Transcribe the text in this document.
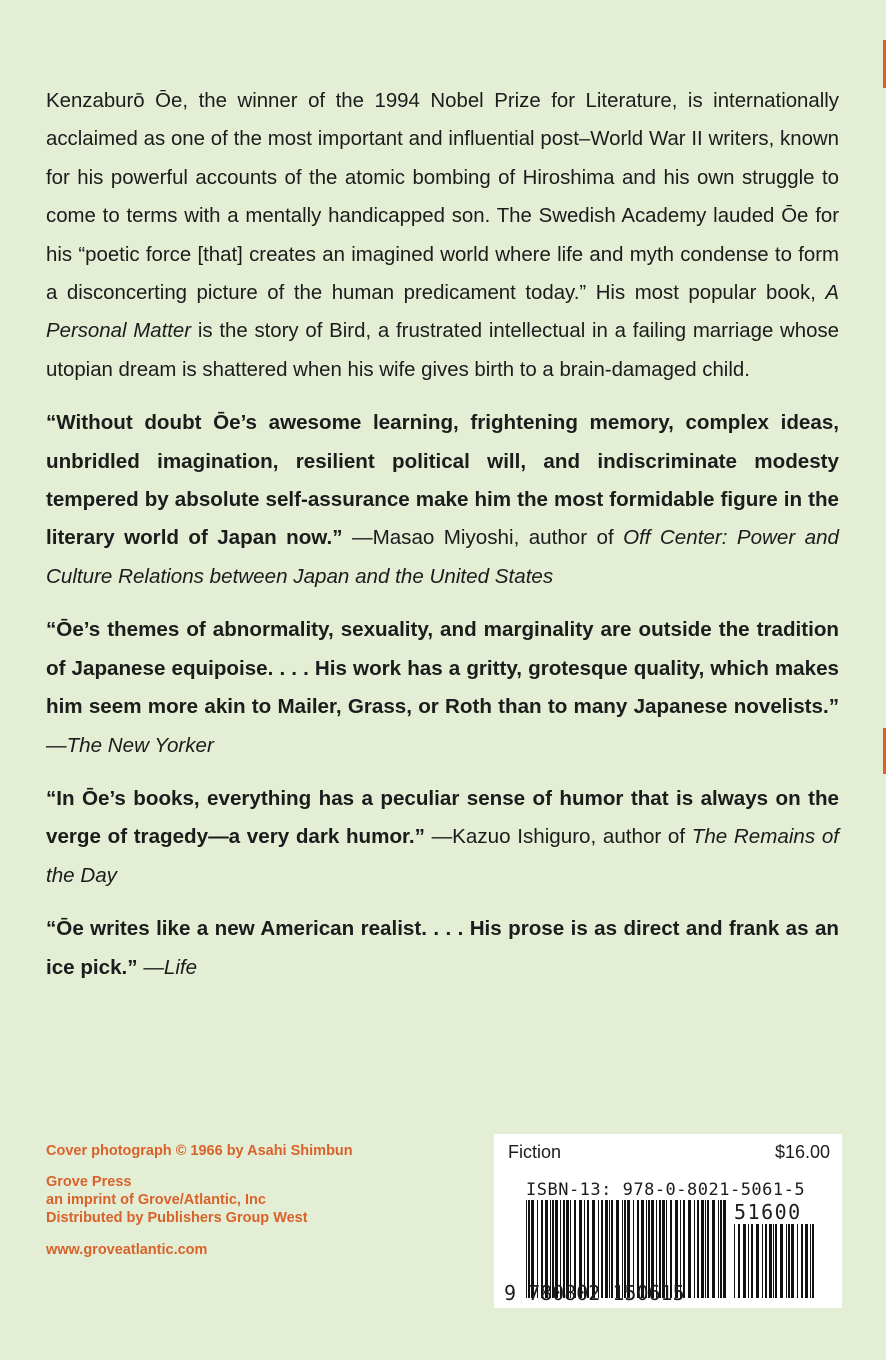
Kenzaburō Ōe, the winner of the 1994 Nobel Prize for Literature, is internationally acclaimed as one of the most important and influential post–World War II writers, known for his powerful accounts of the atomic bombing of Hiroshima and his own struggle to come to terms with a mentally handicapped son. The Swedish Academy lauded Ōe for his “poetic force [that] creates an imagined world where life and myth condense to form a disconcerting picture of the human predicament today.” His most popular book, A Personal Matter is the story of Bird, a frustrated intellectual in a failing marriage whose utopian dream is shattered when his wife gives birth to a brain-damaged child.

“Without doubt Ōe’s awesome learning, frightening memory, complex ideas, unbridled imagination, resilient political will, and indiscriminate modesty tempered by absolute self-assurance make him the most formidable figure in the literary world of Japan now.” —Masao Miyoshi, author of Off Center: Power and Culture Relations between Japan and the United States

“Ōe’s themes of abnormality, sexuality, and marginality are outside the tradition of Japanese equipoise. . . . His work has a gritty, grotesque quality, which makes him seem more akin to Mailer, Grass, or Roth than to many Japanese novelists.” —The New Yorker

“In Ōe’s books, everything has a peculiar sense of humor that is always on the verge of tragedy—a very dark humor.” —Kazuo Ishiguro, author of The Remains of the Day

“Ōe writes like a new American realist. . . . His prose is as direct and frank as an ice pick.” —Life

Cover photograph © 1966 by Asahi Shimbun
Grove Press
an imprint of Grove/Atlantic, Inc
Distributed by Publishers Group West
www.groveatlantic.com
Fiction	$16.00
ISBN-13: 978-0-8021-5061-5
51600
9 780802 150615
